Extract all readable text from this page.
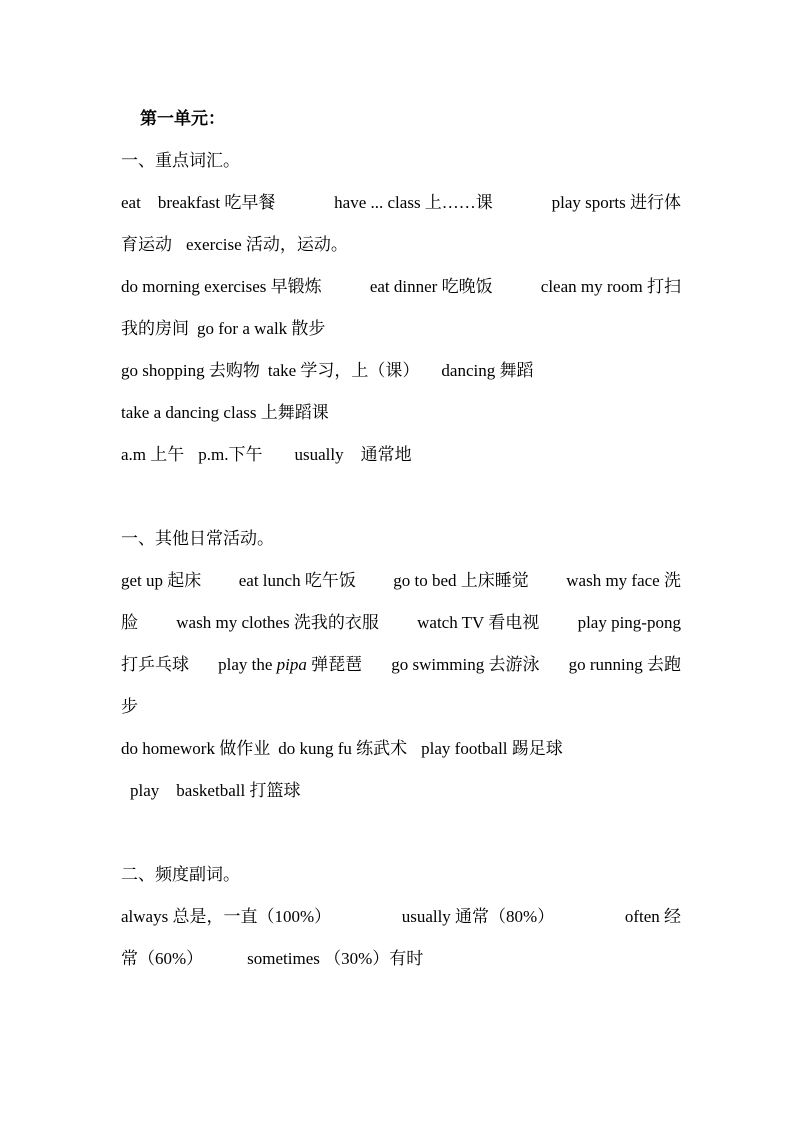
第一单元：
一、重点词汇。
eat　breakfast 吃早餐	have ... class 上……课	play sports 进行体
育运动 exercise 活动，运动。
do morning exercises 早锻炼	eat dinner 吃晚饭	clean my room 打扫
我的房间 go for a walk 散步
go shopping 去购物 take 学习，上（课） dancing 舞蹈
take a dancing class 上舞蹈课
a.m 上午 p.m.下午 usually　通常地
一、其他日常活动。
get up 起床 eat lunch 吃午饭 go to bed 上床睡觉 wash my face 洗
脸 wash my clothes 洗我的衣服 watch TV 看电视 play ping-pong
打乒乓球 play the pipa 弹琵琶 go swimming 去游泳 go running 去跑
步
do homework 做作业 do kung fu 练武术 play football 踢足球
play　basketball 打篮球
二、频度副词。
always 总是，一直（100%）	usually 通常（80%）	often 经
常（60%）	sometimes （30%）有时
